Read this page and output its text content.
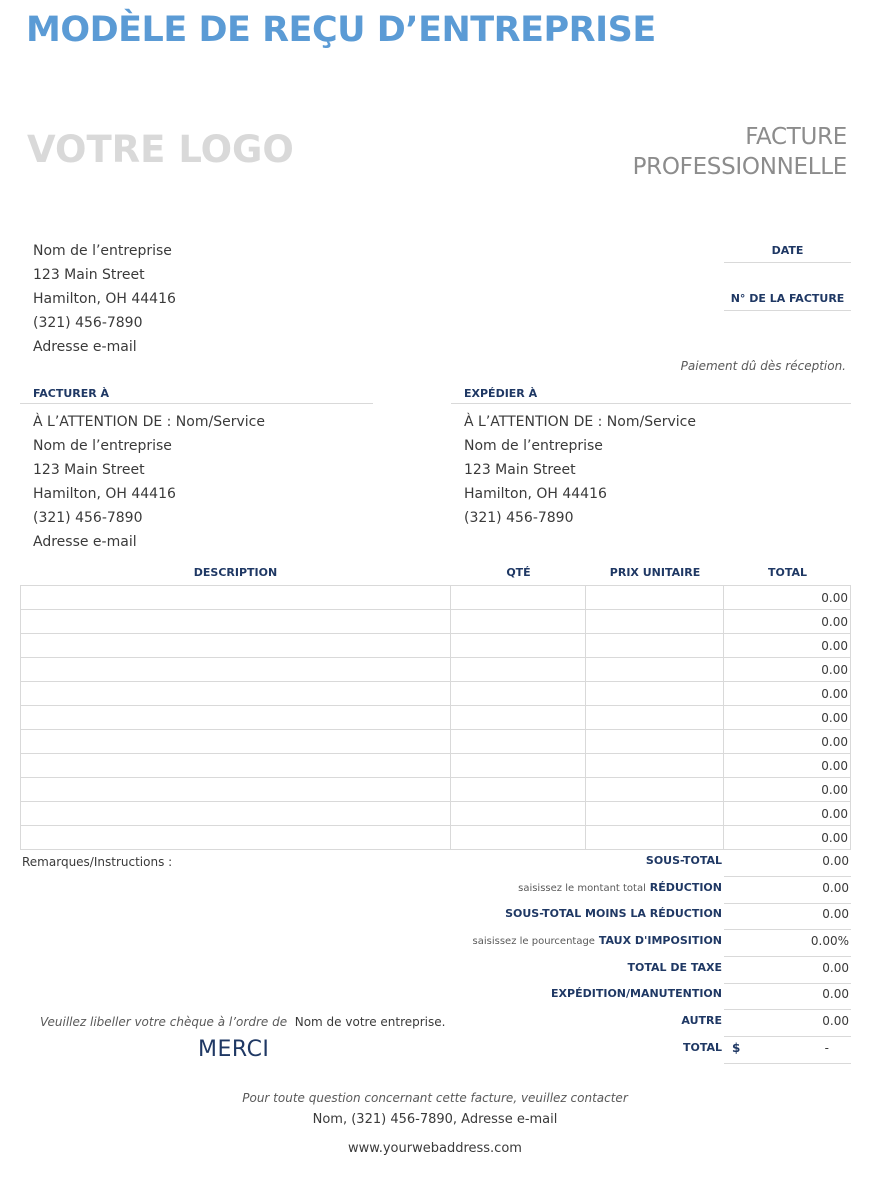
MODÈLE DE REÇU D’ENTREPRISE
VOTRE LOGO	FACTURE
PROFESSIONNELLE
Nom de l’entreprise
123 Main Street
Hamilton, OH 44416
(321) 456-7890
Adresse e-mail
DATE
N° DE LA FACTURE
Paiement dû dès réception.
FACTURER À
À L’ATTENTION DE : Nom/Service
Nom de l’entreprise
123 Main Street
Hamilton, OH 44416
(321) 456-7890
Adresse e-mail
EXPÉDIER À
À L’ATTENTION DE : Nom/Service
Nom de l’entreprise
123 Main Street
Hamilton, OH 44416
(321) 456-7890
DESCRIPTION	QTÉ	PRIX UNITAIRE	TOTAL
			0.00
			0.00
			0.00
			0.00
			0.00
			0.00
			0.00
			0.00
			0.00
			0.00
			0.00
Remarques/Instructions :	SOUS-TOTAL	0.00
saisissez le montant total RÉDUCTION	0.00
SOUS-TOTAL MOINS LA RÉDUCTION	0.00
saisissez le pourcentage TAUX D'IMPOSITION	0.00%
TOTAL DE TAXE	0.00
EXPÉDITION/MANUTENTION	0.00
AUTRE	0.00
TOTAL $	-
Veuillez libeller votre chèque à l’ordre de Nom de votre entreprise.
MERCI
Pour toute question concernant cette facture, veuillez contacter
Nom, (321) 456-7890, Adresse e-mail
www.yourwebaddress.com
